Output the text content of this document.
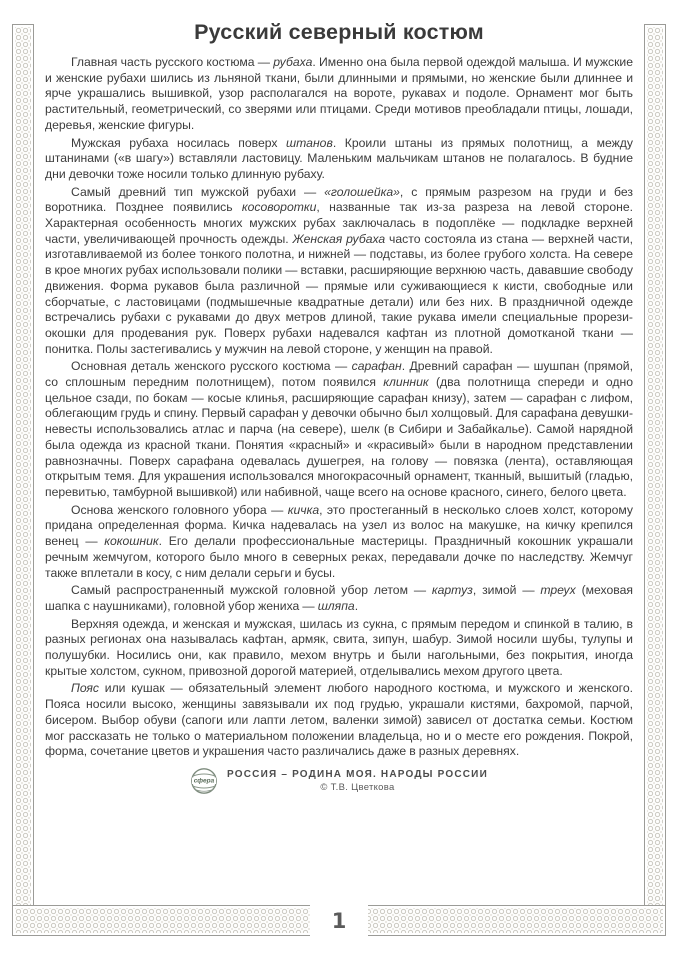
1
Русский северный костюм

Главная часть русского костюма — рубаха. Именно она была первой одеждой малыша. И мужские и женские рубахи шились из льняной ткани, были длинными и прямыми, но женские были длиннее и ярче украшались вышивкой, узор располагался на вороте, рукавах и подоле. Орнамент мог быть растительный, геометрический, со зверями или птицами. Среди мотивов преобладали птицы, лошади, деревья, женские фигуры.

Мужская рубаха носилась поверх штанов. Кроили штаны из прямых полотнищ, а между штанинами («в шагу») вставляли ластовицу. Маленьким мальчикам штанов не полагалось. В будние дни девочки тоже носили только длинную рубаху.

Самый древний тип мужской рубахи — «голошейка», с прямым разрезом на груди и без воротника. Позднее появились косоворотки, названные так из-за разреза на левой стороне. Характерная особенность многих мужских рубах заключалась в подоплёке — подкладке верхней части, увеличивающей прочность одежды. Женская рубаха часто состояла из стана — верхней части, изготавливаемой из более тонкого полотна, и нижней — подставы, из более грубого холста. На севере в крое многих рубах использовали полики — вставки, расширяющие верхнюю часть, дававшие свободу движения. Форма рукавов была различной — прямые или суживающиеся к кисти, свободные или сборчатые, с ластовицами (подмышечные квадратные детали) или без них. В праздничной одежде встречались рубахи с рукавами до двух метров длиной, такие рукава имели специальные прорези-окошки для продевания рук. Поверх рубахи надевался кафтан из плотной домотканой ткани — понитка. Полы застегивались у мужчин на левой стороне, у женщин на правой.

Основная деталь женского русского костюма — сарафан. Древний сарафан — шушпан (прямой, со сплошным передним полотнищем), потом появился клинник (два полотнища спереди и одно цельное сзади, по бокам — косые клинья, расширяющие сарафан книзу), затем — сарафан с лифом, облегающим грудь и спину. Первый сарафан у девочки обычно был холщовый. Для сарафана девушки-невесты использовались атлас и парча (на севере), шелк (в Сибири и Забайкалье). Самой нарядной была одежда из красной ткани. Понятия «красный» и «красивый» были в народном представлении равнозначны. Поверх сарафана одевалась душегрея, на голову — повязка (лента), оставляющая открытым темя. Для украшения использовался многокрасочный орнамент, тканный, вышитый (гладью, перевитью, тамбурной вышивкой) или набивной, чаще всего на основе красного, синего, белого цвета.

Основа женского головного убора — кичка, это простеганный в несколько слоев холст, которому придана определенная форма. Кичка надевалась на узел из волос на макушке, на кичку крепился венец — кокошник. Его делали профессиональные мастерицы. Праздничный кокошник украшали речным жемчугом, которого было много в северных реках, передавали дочке по наследству. Жемчуг также вплетали в косу, с ним делали серьги и бусы.

Самый распространенный мужской головной убор летом — картуз, зимой — треух (меховая шапка с наушниками), головной убор жениха — шляпа.

Верхняя одежда, и женская и мужская, шилась из сукна, с прямым передом и спинкой в талию, в разных регионах она называлась кафтан, армяк, свита, зипун, шабур. Зимой носили шубы, тулупы и полушубки. Носились они, как правило, мехом внутрь и были нагольными, без покрытия, иногда крытые холстом, сукном, привозной дорогой материей, отделывались мехом другого цвета.

Пояс или кушак — обязательный элемент любого народного костюма, и мужского и женского. Пояса носили высоко, женщины завязывали их под грудью, украшали кистями, бахромой, парчой, бисером. Выбор обуви (сапоги или лапти летом, валенки зимой) зависел от достатка семьи. Костюм мог рассказать не только о материальном положении владельца, но и о месте его рождения. Покрой, форма, сочетание цветов и украшения часто различались даже в разных деревнях.

сфера
РОССИЯ – РОДИНА МОЯ. НАРОДЫ РОССИИ
© Т.В. Цветкова
